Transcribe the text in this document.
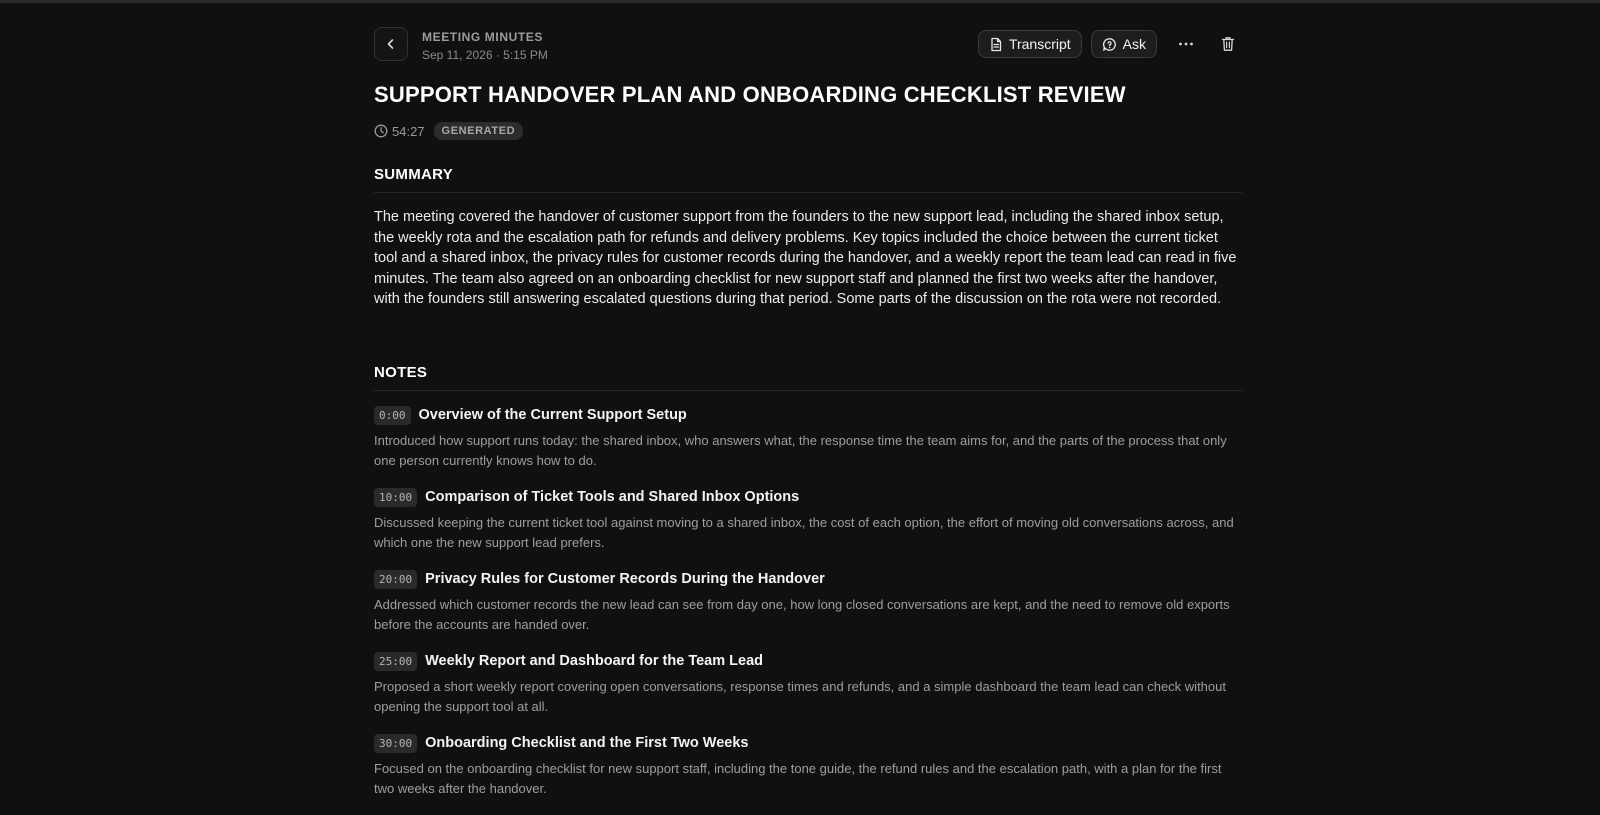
MEETING MINUTES
Sep 11, 2026 · 5:15 PM
Transcript	Ask
SUPPORT HANDOVER PLAN AND ONBOARDING CHECKLIST REVIEW
54:27	GENERATED
SUMMARY

The meeting covered the handover of customer support from the founders to the new support lead, including the shared inbox setup, the weekly rota and the escalation path for refunds and delivery problems. Key topics included the choice between the current ticket tool and a shared inbox, the privacy rules for customer records during the handover, and a weekly report the team lead can read in five minutes. The team also agreed on an onboarding checklist for new support staff and planned the first two weeks after the handover, with the founders still answering escalated questions during that period. Some parts of the discussion on the rota were not recorded.

NOTES
0:00 Overview of the Current Support Setup
Introduced how support runs today: the shared inbox, who answers what, the response time the team aims for, and the parts of the process that only one person currently knows how to do.
10:00 Comparison of Ticket Tools and Shared Inbox Options
Discussed keeping the current ticket tool against moving to a shared inbox, the cost of each option, the effort of moving old conversations across, and which one the new support lead prefers.
20:00 Privacy Rules for Customer Records During the Handover
Addressed which customer records the new lead can see from day one, how long closed conversations are kept, and the need to remove old exports before the accounts are handed over.
25:00 Weekly Report and Dashboard for the Team Lead
Proposed a short weekly report covering open conversations, response times and refunds, and a simple dashboard the team lead can check without opening the support tool at all.
30:00 Onboarding Checklist and the First Two Weeks
Focused on the onboarding checklist for new support staff, including the tone guide, the refund rules and the escalation path, with a plan for the first two weeks after the handover.
